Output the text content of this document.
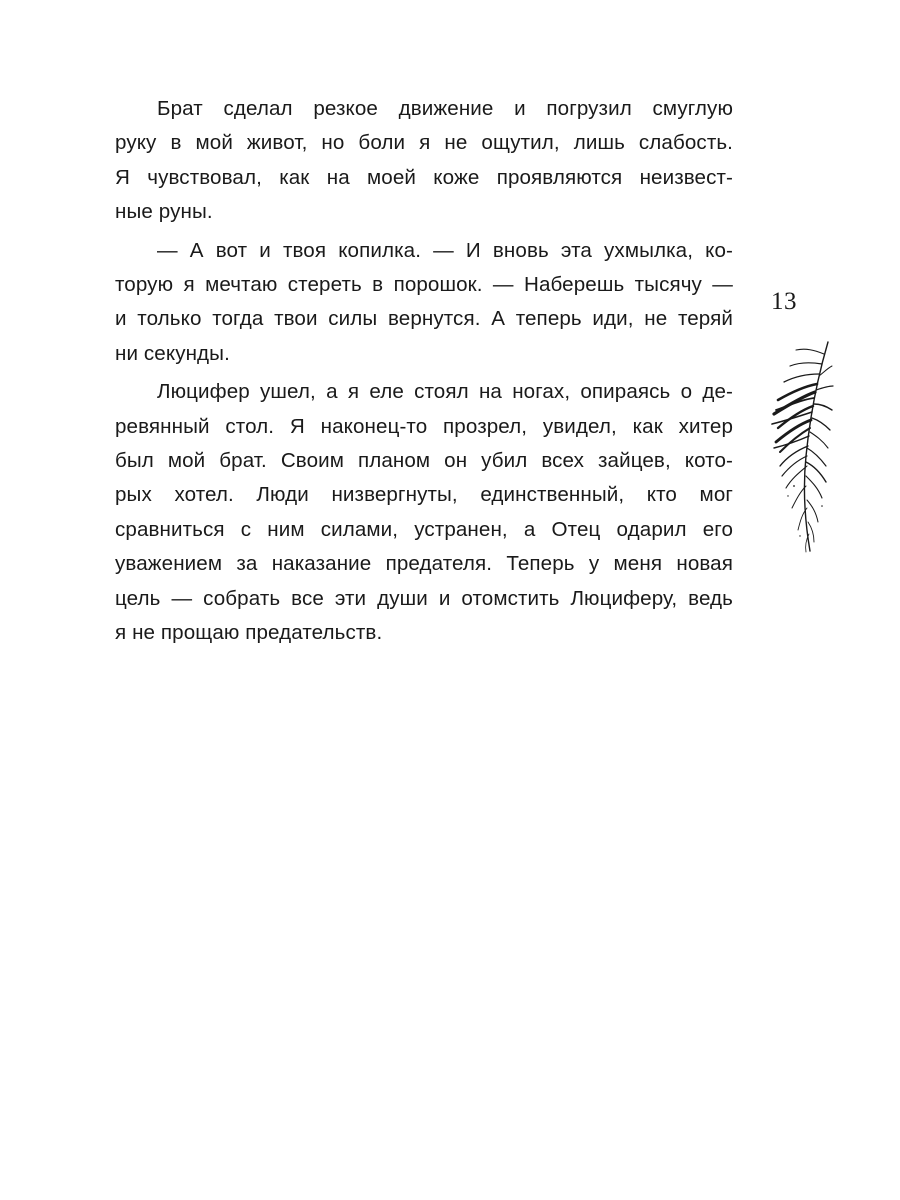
Брат сделал резкое движение и погрузил смуглую
руку в мой живот, но боли я не ощутил, лишь слабость.
Я чувствовал, как на моей коже проявляются неизвест-
ные руны.

— А вот и твоя копилка. — И вновь эта ухмылка, ко-
торую я мечтаю стереть в порошок. — Наберешь тысячу —
и только тогда твои силы вернутся. А теперь иди, не теряй
ни секунды.

Люцифер ушел, а я еле стоял на ногах, опираясь о де-
ревянный стол. Я наконец-то прозрел, увидел, как хитер
был мой брат. Своим планом он убил всех зайцев, кото-
рых хотел. Люди низвергнуты, единственный, кто мог
сравниться с ним силами, устранен, а Отец одарил его
уважением за наказание предателя. Теперь у меня новая
цель — собрать все эти души и отомстить Люциферу, ведь
я не прощаю предательств.

13
